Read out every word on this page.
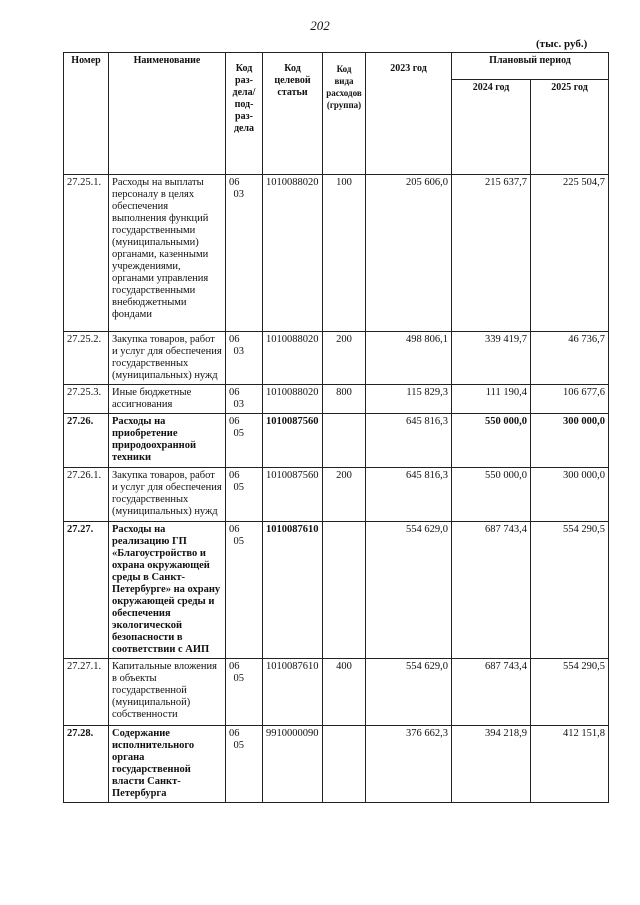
202
(тыс. руб.)
Номер	Наименование	Код раз-дела/ под-раз-дела	Код целевой статьи	Код вида расходов (группа)	2023 год	Плановый период	
						2024 год	2025 год
27.25.1.	Расходы на выплаты персоналу в целях обеспечения выполнения функций государственными (муниципальными) органами, казенными учреждениями, органами управления государственными внебюджетными фондами	0603	1010088020	100	205 606,0	215 637,7	225 504,7
27.25.2.	Закупка товаров, работ и услуг для обеспечения государственных (муниципальных) нужд	0603	1010088020	200	498 806,1	339 419,7	46 736,7
27.25.3.	Иные бюджетные ассигнования	0603	1010088020	800	115 829,3	111 190,4	106 677,6
27.26.	Расходы на приобретение природоохранной техники	0605	1010087560		645 816,3	550 000,0	300 000,0
27.26.1.	Закупка товаров, работ и услуг для обеспечения государственных (муниципальных) нужд	0605	1010087560	200	645 816,3	550 000,0	300 000,0
27.27.	Расходы на реализацию ГП «Благоустройство и охрана окружающей среды в Санкт-Петербурге» на охрану окружающей среды и обеспечения экологической безопасности в соответствии с АИП	0605	1010087610		554 629,0	687 743,4	554 290,5
27.27.1.	Капитальные вложения в объекты государственной (муниципальной) собственности	0605	1010087610	400	554 629,0	687 743,4	554 290,5
27.28.	Содержание исполнительного органа государственной власти Санкт-Петербурга	0605	9910000090		376 662,3	394 218,9	412 151,8
